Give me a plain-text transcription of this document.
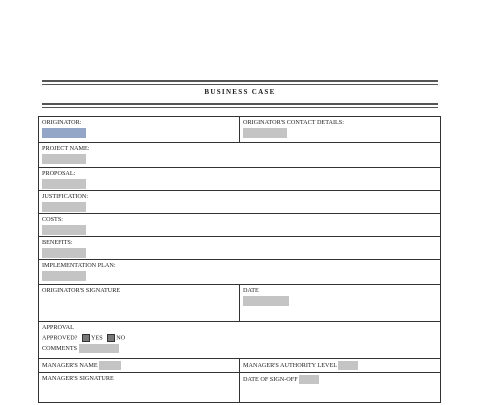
BUSINESS CASE
ORIGINATOR:	ORIGINATOR'S CONTACT DETAILS:

PROJECT NAME:	

PROPOSAL:	

JUSTIFICATION:	

COSTS:	

BENEFITS:	

IMPLEMENTATION PLAN:	

ORIGINATOR'S SIGNATURE	DATE

APPROVAL
APPROVED? YES NO
COMMENTS	

MANAGER'S NAME	MANAGER'S AUTHORITY LEVEL
MANAGER'S SIGNATURE	DATE OF SIGN-OFF
